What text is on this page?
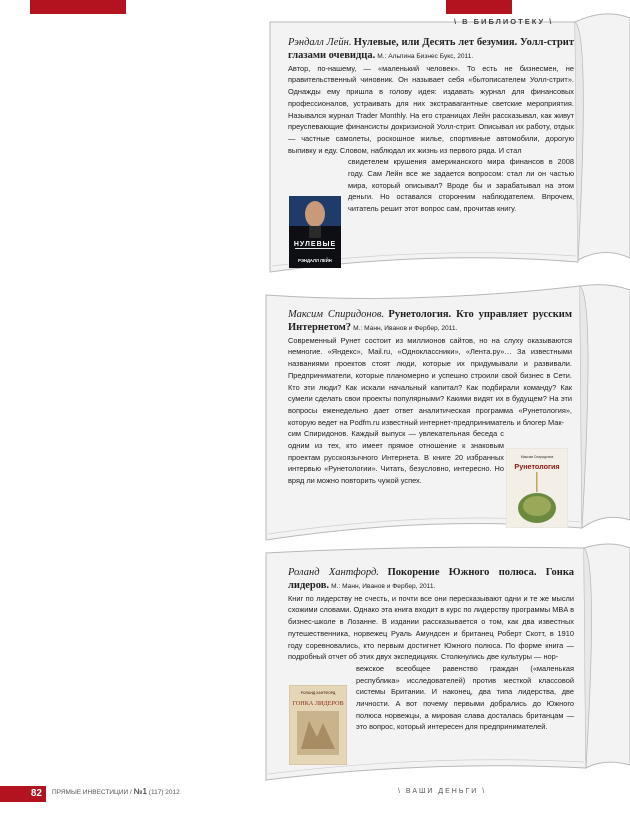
\ В БИБЛИОТЕКУ \

Рэндалл Лейн. Нулевые, или Десять лет безумия. Уолл-стрит глазами очевидца. М.: Альпина Бизнес Букс, 2011.

Автор, по-нашему, — «маленький человек». То есть не бизнесмен, не правительственный чиновник. Он называет себя «бытописателем Уолл-стрит». Однажды ему пришла в голову идея: издавать журнал для финансовых профессионалов, устраивать для них экстравагантные светские мероприятия. Назывался журнал Trader Monthly. На его страницах Лейн рассказывал, как живут преуспевающие финансисты докризисной Уолл-стрит. Описывал их работу, отдых — частные самолеты, роскошное жилье, спортивные автомобили, дорогую выпивку и еду. Словом, наблюдал их жизнь из первого ряда. И стал

свидетелем крушения американского мира финансов в 2008 году. Сам Лейн все же задается вопросом: стал ли он частью мира, который описывал? Вроде бы и зарабатывал на этом деньги. Но оставался сторонним наблюдателем. Впрочем, читатель решит этот вопрос сам, прочитав книгу.

НУЛЕВЫЕ
РЭНДАЛЛ ЛЕЙН

Максим Спиридонов. Рунетология. Кто управляет русским Интернетом? М.: Манн, Иванов и Фербер, 2011.

Современный Рунет состоит из миллионов сайтов, но на слуху оказываются немногие. «Яндекс», Mail.ru, «Одноклассники», «Лента.ру»… За известными названиями проектов стоят люди, которые их придумывали и развивали. Предприниматели, которые планомерно и успешно строили свой бизнес в Сети. Кто эти люди? Как искали начальный капитал? Как подбирали команду? Как сумели сделать свои проекты популярными? Какими видят их в будущем? На эти вопросы еженедельно дает ответ аналитическая программа «Рунетология», которую ведет на Podfm.ru известный интернет-предприниматель и блогер Мак-

сим Спиридонов. Каждый выпуск — увлекательная беседа с одним из тех, кто имеет прямое отношение к знаковым проектам русскоязычного Интернета. В книге 20 избранных интервью «Рунетологии». Читать, безусловно, интересно. Но вряд ли можно повторить чужой успех.

Максим Спиридонов
Рунетология

Роланд Хантфорд. Покорение Южного полюса. Гонка лидеров. М.: Манн, Иванов и Фербер, 2011.

Книг по лидерству не счесть, и почти все они пересказывают одни и те же мысли схожими словами. Однако эта книга входит в курс по лидерству программы MBA в бизнес-школе в Лозанне. В издании рассказывается о том, как два известных путешественника, норвежец Руаль Амундсен и британец Роберт Скотт, в 1910 году соревновались, кто первым достигнет Южного полюса. По форме книга — подробный отчет об этих двух экспедициях. Столкнулись две культуры — нор-

вежское всеобщее равенство граждан («маленькая республика» исследователей) против жесткой классовой системы Британии. И наконец, два типа лидерства, две личности. А вот почему первыми добрались до Южного полюса норвежцы, а мировая слава досталась британцам — это вопрос, который интересен для предпринимателей.

РОЛАНД ХАНТФОРД
ГОНКА ЛИДЕРОВ
82	ПРЯМЫЕ ИНВЕСТИЦИИ / №1 (117) 2012	\ ВАШИ ДЕНЬГИ \
